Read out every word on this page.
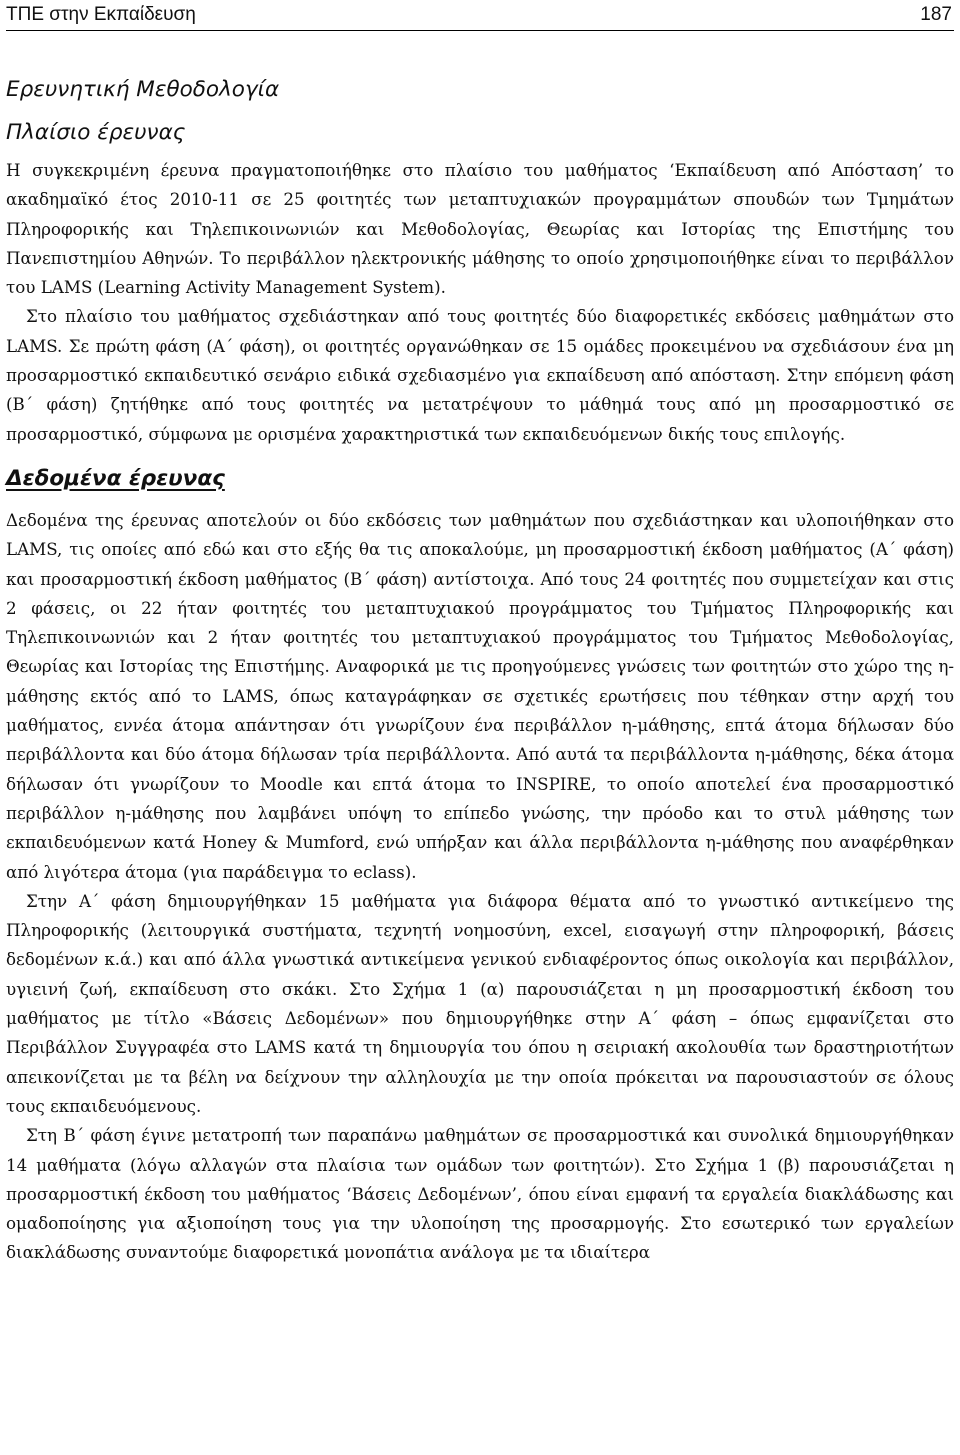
ΤΠΕ στην Εκπαίδευση	187
Ερευνητική Μεθοδολογία
Πλαίσιο έρευνας

Η συγκεκριμένη έρευνα πραγματοποιήθηκε στο πλαίσιο του μαθήματος ‘Εκπαίδευση από Απόσταση’ το ακαδημαϊκό έτος 2010-11 σε 25 φοιτητές των μεταπτυχιακών προγραμμάτων σπουδών των Τμημάτων Πληροφορικής και Τηλεπικοινωνιών και Μεθοδολογίας, Θεωρίας και Ιστορίας της Επιστήμης του Πανεπιστημίου Αθηνών. Το περιβάλλον ηλεκτρονικής μάθησης το οποίο χρησιμοποιήθηκε είναι το περιβάλλον του LAMS (Learning Activity Management System).

Στο πλαίσιο του μαθήματος σχεδιάστηκαν από τους φοιτητές δύο διαφορετικές εκδόσεις μαθημάτων στο LAMS. Σε πρώτη φάση (Α΄ φάση), οι φοιτητές οργανώθηκαν σε 15 ομάδες προκειμένου να σχεδιάσουν ένα μη προσαρμοστικό εκπαιδευτικό σενάριο ειδικά σχεδιασμένο για εκπαίδευση από απόσταση. Στην επόμενη φάση (Β΄ φάση) ζητήθηκε από τους φοιτητές να μετατρέψουν το μάθημά τους από μη προσαρμοστικό σε προσαρμοστικό, σύμφωνα με ορισμένα χαρακτηριστικά των εκπαιδευόμενων δικής τους επιλογής.

Δεδομένα έρευνας

Δεδομένα της έρευνας αποτελούν οι δύο εκδόσεις των μαθημάτων που σχεδιάστηκαν και υλοποιήθηκαν στο LAMS, τις οποίες από εδώ και στο εξής θα τις αποκαλούμε, μη προσαρμοστική έκδοση μαθήματος (Α΄ φάση) και προσαρμοστική έκδοση μαθήματος (Β΄ φάση) αντίστοιχα. Από τους 24 φοιτητές που συμμετείχαν και στις 2 φάσεις, οι 22 ήταν φοιτητές του μεταπτυχιακού προγράμματος του Τμήματος Πληροφορικής και Τηλεπικοινωνιών και 2 ήταν φοιτητές του μεταπτυχιακού προγράμματος του Τμήματος Μεθοδολογίας, Θεωρίας και Ιστορίας της Επιστήμης. Αναφορικά με τις προηγούμενες γνώσεις των φοιτητών στο χώρο της η-μάθησης εκτός από το LAMS, όπως καταγράφηκαν σε σχετικές ερωτήσεις που τέθηκαν στην αρχή του μαθήματος, εννέα άτομα απάντησαν ότι γνωρίζουν ένα περιβάλλον η-μάθησης, επτά άτομα δήλωσαν δύο περιβάλλοντα και δύο άτομα δήλωσαν τρία περιβάλλοντα. Από αυτά τα περιβάλλοντα η-μάθησης, δέκα άτομα δήλωσαν ότι γνωρίζουν το Moodle και επτά άτομα το INSPIRE, το οποίο αποτελεί ένα προσαρμοστικό περιβάλλον η-μάθησης που λαμβάνει υπόψη το επίπεδο γνώσης, την πρόοδο και το στυλ μάθησης των εκπαιδευόμενων κατά Honey & Mumford, ενώ υπήρξαν και άλλα περιβάλλοντα η-μάθησης που αναφέρθηκαν από λιγότερα άτομα (για παράδειγμα το eclass).

Στην Α΄ φάση δημιουργήθηκαν 15 μαθήματα για διάφορα θέματα από το γνωστικό αντικείμενο της Πληροφορικής (λειτουργικά συστήματα, τεχνητή νοημοσύνη, excel, εισαγωγή στην πληροφορική, βάσεις δεδομένων κ.ά.) και από άλλα γνωστικά αντικείμενα γενικού ενδιαφέροντος όπως οικολογία και περιβάλλον, υγιεινή ζωή, εκπαίδευση στο σκάκι. Στο Σχήμα 1 (α) παρουσιάζεται η μη προσαρμοστική έκδοση του μαθήματος με τίτλο «Βάσεις Δεδομένων» που δημιουργήθηκε στην Α΄ φάση – όπως εμφανίζεται στο Περιβάλλον Συγγραφέα στο LAMS κατά τη δημιουργία του όπου η σειριακή ακολουθία των δραστηριοτήτων απεικονίζεται με τα βέλη να δείχνουν την αλληλουχία με την οποία πρόκειται να παρουσιαστούν σε όλους τους εκπαιδευόμενους.

Στη Β΄ φάση έγινε μετατροπή των παραπάνω μαθημάτων σε προσαρμοστικά και συνολικά δημιουργήθηκαν 14 μαθήματα (λόγω αλλαγών στα πλαίσια των ομάδων των φοιτητών). Στο Σχήμα 1 (β) παρουσιάζεται η προσαρμοστική έκδοση του μαθήματος ‘Βάσεις Δεδομένων’, όπου είναι εμφανή τα εργαλεία διακλάδωσης και ομαδοποίησης για αξιοποίηση τους για την υλοποίηση της προσαρμογής. Στο εσωτερικό των εργαλείων διακλάδωσης συναντούμε διαφορετικά μονοπάτια ανάλογα με τα ιδιαίτερα
